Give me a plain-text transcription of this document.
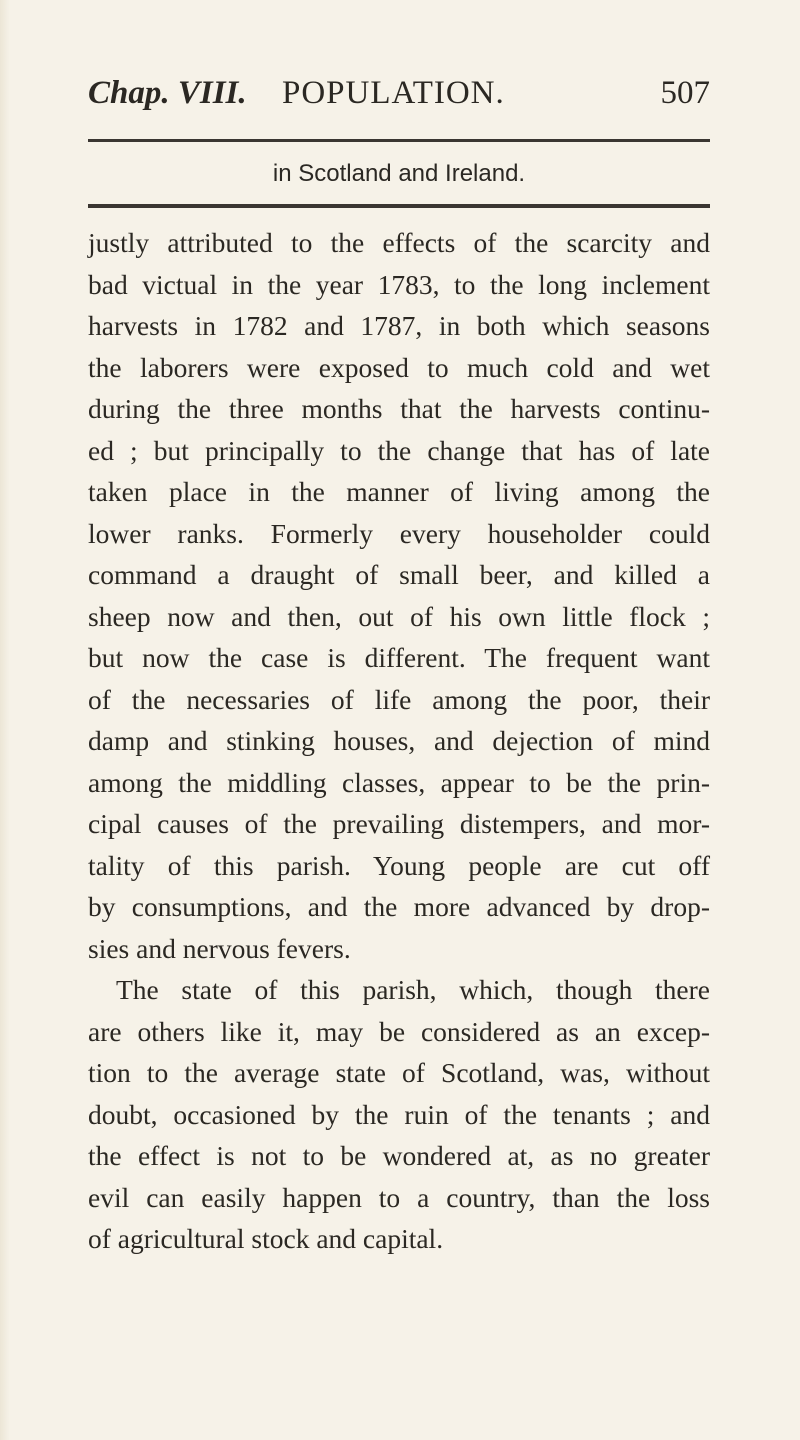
Chap. VIII. POPULATION.	507
in Scotland and Ireland.
justly attributed to the effects of the scarcity and
bad victual in the year 1783, to the long inclement
harvests in 1782 and 1787, in both which seasons
the laborers were exposed to much cold and wet
during the three months that the harvests continu-
ed ; but principally to the change that has of late
taken place in the manner of living among the
lower ranks. Formerly every householder could
command a draught of small beer, and killed a
sheep now and then, out of his own little flock ;
but now the case is different. The frequent want
of the necessaries of life among the poor, their
damp and stinking houses, and dejection of mind
among the middling classes, appear to be the prin-
cipal causes of the prevailing distempers, and mor-
tality of this parish. Young people are cut off
by consumptions, and the more advanced by drop-
sies and nervous fevers.
The state of this parish, which, though there
are others like it, may be considered as an excep-
tion to the average state of Scotland, was, without
doubt, occasioned by the ruin of the tenants ; and
the effect is not to be wondered at, as no greater
evil can easily happen to a country, than the loss
of agricultural stock and capital.
